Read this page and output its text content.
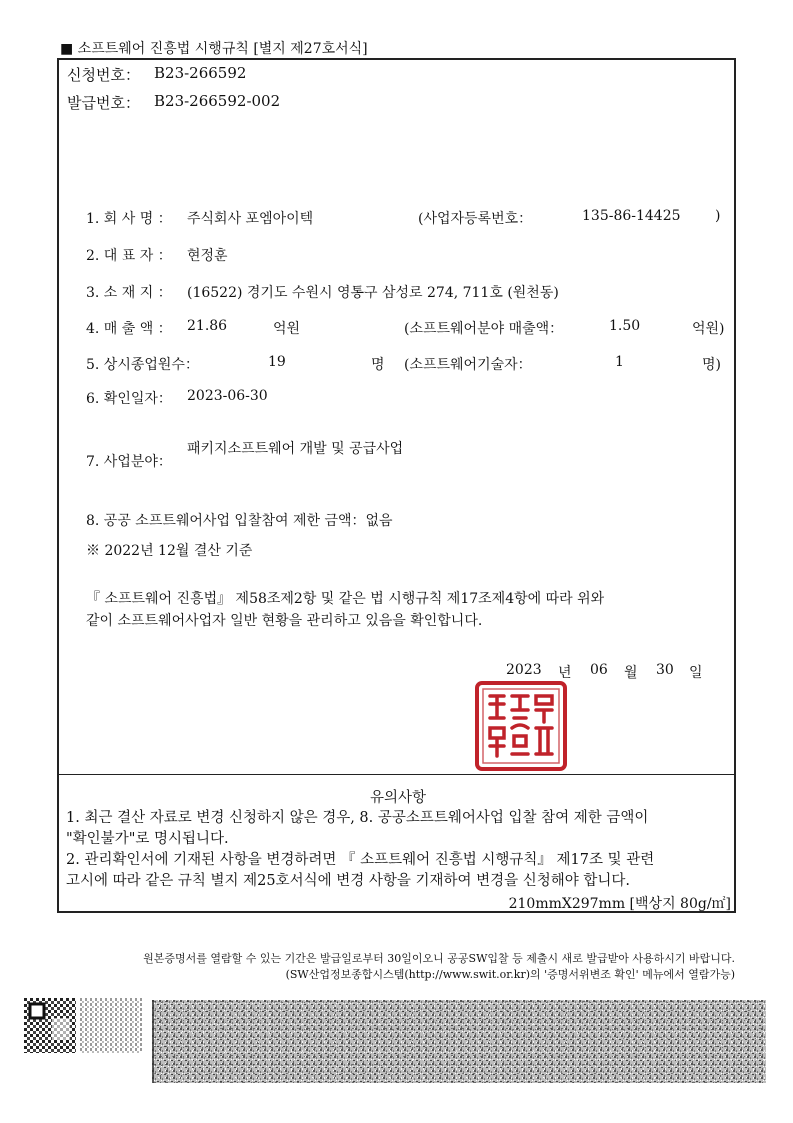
■ 소프트웨어 진흥법 시행규칙 [별지 제27호서식]
신청번호： B23-266592
발급번호： B23-266592-002
1. 회 사 명 ： 주식회사 포엠아이텍	(사업자등록번호：	135-86-14425 )
2. 대 표 자 ： 현정훈
3. 소 재 지 ： (16522) 경기도 수원시 영통구 삼성로 274, 711호 (원천동)
4. 매 출 액 ： 21.86	억원	(소프트웨어분야 매출액：	1.50	억원)
5. 상시종업원수：	19	명 (소프트웨어기술자：	1	명)
6. 확인일자： 2023-06-30
7. 사업분야：
패키지소프트웨어 개발 및 공급사업
8. 공공 소프트웨어사업 입찰참여 제한 금액：없음
※ 2022년 12월 결산 기준
『 소프트웨어 진흥법』 제58조제2항 및 같은 법 시행규칙 제17조제4항에 따라 위와
같이 소프트웨어사업자 일반 현황을 관리하고 있음을 확인합니다.
2023 년 06 월 30 일
유의사항
1. 최근 결산 자료로 변경 신청하지 않은 경우, 8. 공공소프트웨어사업 입찰 참여 제한 금액이
"확인불가"로 명시됩니다.
2. 관리확인서에 기재된 사항을 변경하려면 『 소프트웨어 진흥법 시행규칙』 제17조 및 관련
고시에 따라 같은 규칙 별지 제25호서식에 변경 사항을 기재하여 변경을 신청해야 합니다.
210mmX297mm [백상지 80g/㎡]
원본증명서를 열람할 수 있는 기간은 발급일로부터 30일이오니 공공SW입찰 등 제출시 새로 발급받아 사용하시기 바랍니다.
(SW산업정보종합시스템(http://www.swit.or.kr)의 '증명서위변조 확인' 메뉴에서 열람가능)
